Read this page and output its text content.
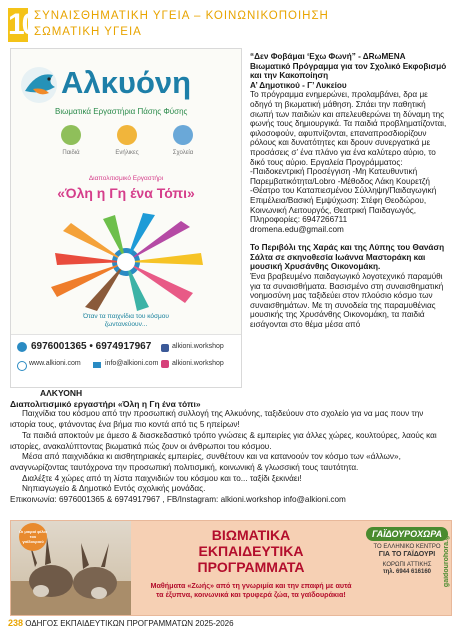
10
ΣΥΝΑΙΣΘΗΜΑΤΙΚΗ ΥΓΕΙΑ – ΚΟΙΝΩΝΙΚΟΠΟΙΗΣΗ
ΣΩΜΑΤΙΚΗ ΥΓΕΙΑ
Αλκυόνη
Βιωματικά Εργαστήρια Πάσης Φύσης
Παιδιά	Ενήλικες	Σχολεία
Διαπολιτισμικό Εργαστήρι
«Όλη η Γη ένα Τόπι»
Όταν τα παιχνίδια του κόσμου
ζωντανεύουν...
6976001365 • 6974917967
www.alkioni.com	info@alkioni.com
alkioni.workshop
alkioni.workshop

“Δεν Φοβάμαι ‘Εχω Φωνή” - ΔRωΜΕΝΑ Βιωματικό Πρόγραμμα για τον Σχολικό Εκφοβισμό και την Κακοποίηση

Α’ Δημοτικού - Γ’ Λυκείου

Το πρόγραμμα ενημερώνει, προλαμβάνει, δρα με οδηγό τη βιωματική μάθηση. Σπάει την παθητική σιωπή των παιδιών και απελευθερώνει τη δύναμη της φωνής τους δημιουργικά. Τα παιδιά προβληματίζονται, φιλοσοφούν, αφυπνίζονται, επαναπροσδιορίζουν ρόλους και δυνατότητες και δρουν συνεργατικά με προσάσεις σ’ ένα πλάνο για ένα καλύτερο αύριο, το δικό τους αύριο. Εργαλεία Προγράμματος: -Παιδοκεντρική Προσέγγιση -Μη Κατευθυντική Παρεμβατικότητα/Lobro -Μέθοδος Λάκη Κουρετζή -Θέατρο του Καταπιεσμένου Σύλληψη/Παιδαγωγική Επιμέλεια/Βασική Εμψύχωση: Στέφη Θεοδώρου, Κοινωνική Λειτουργός, Θεατρική Παιδαγωγός,

Πληροφορίες: 6947266711

dromena.edu@gmail.com

Το Περιβόλι της Χαράς και της Λύπης του Θανάση Σάλτα σε σκηνοθεσία Ιωάννα Μαστοράκη και μουσική Χρυσάνθης Οικονομάκη.

Ένα βραβευμένο παιδαγωγικό λογοτεχνικό παραμύθι για τα συναισθήματα. Βασισμένο στη συναισθηματική νοημοσύνη μας ταξιδεύει στον πλούσιο κόσμο των συναισθημάτων. Με τη συνοδεία της παραμυθένιας μουσικής της Χρυσάνθης Οικονομάκη, τα παιδιά εισάγονται στο θέμα μέσα από

ΑΛΚΥΟΝΗ

Διαπολιτισμικό εργαστήρι «Όλη η Γη ένα τόπι»

Παιχνίδια του κόσμου από την προσωπική συλλογή της Αλκυόνης, ταξιδεύουν στο σχολείο για να μας πουν την ιστορία τους, φτάνοντας ένα βήμα πιο κοντά από τις 5 ηπείρων!

Τα παιδιά αποκτούν με άμεσο & διασκεδαστικό τρόπο γνώσεις & εμπειρίες για άλλες χώρες, κουλτούρες, λαούς και ιστορίες, ανακαλύπτοντας βιωματικά πώς ζουν οι άνθρωποι του κόσμου.

Μέσα από παιχνιδάκια κι αισθητηριακές εμπειρίες, συνθέτουν και να κατανοούν τον κόσμο των «άλλων», αναγνωρίζοντας ταυτόχρονα την προσωπική πολιτισμική, κοινωνική & γλωσσική τους ταυτότητα.

Διαλέξτε 4 χώρες από τη λίστα παιχνιδιών του κόσμου και το... ταξίδι ξεκινάει!

Νηπιαγωγείο & Δημοτικό Εντός σχολικής μονάδας.

Επικοινωνία: 6976001365 & 6974917967 , FB/Instagram: alkioni.workshop info@alkioni.com

Οι μικροί φίλοι του γαϊδουριού	ΒΙΩΜΑΤΙΚΑ ΕΚΠΑΙΔΕΥΤΙΚΑ ΠΡΟΓΡΑΜΜΑΤΑ
Μαθήματα «Ζωής» από τη γνωριμία και την επαφή με αυτά τα έξυπνα, κοινωνικά και τρυφερά ζώα, τα γαϊδουράκια!
ΓΑΪΔΟΥΡΟΧΩΡΑ
ΤΟ ΕΛΛΗΝΙΚΟ ΚΕΝΤΡΟ
ΓΙΑ ΤΟ ΓΑΪΔΟΥΡΙ
ΚΟΡΩΠΙ ΑΤΤΙΚΗΣ
τηλ. 6944 616160	gaidourohora.gr
238 ΟΔΗΓΟΣ ΕΚΠΑΙΔΕΥΤΙΚΩΝ ΠΡΟΓΡΑΜΜΑΤΩΝ 2025-2026
